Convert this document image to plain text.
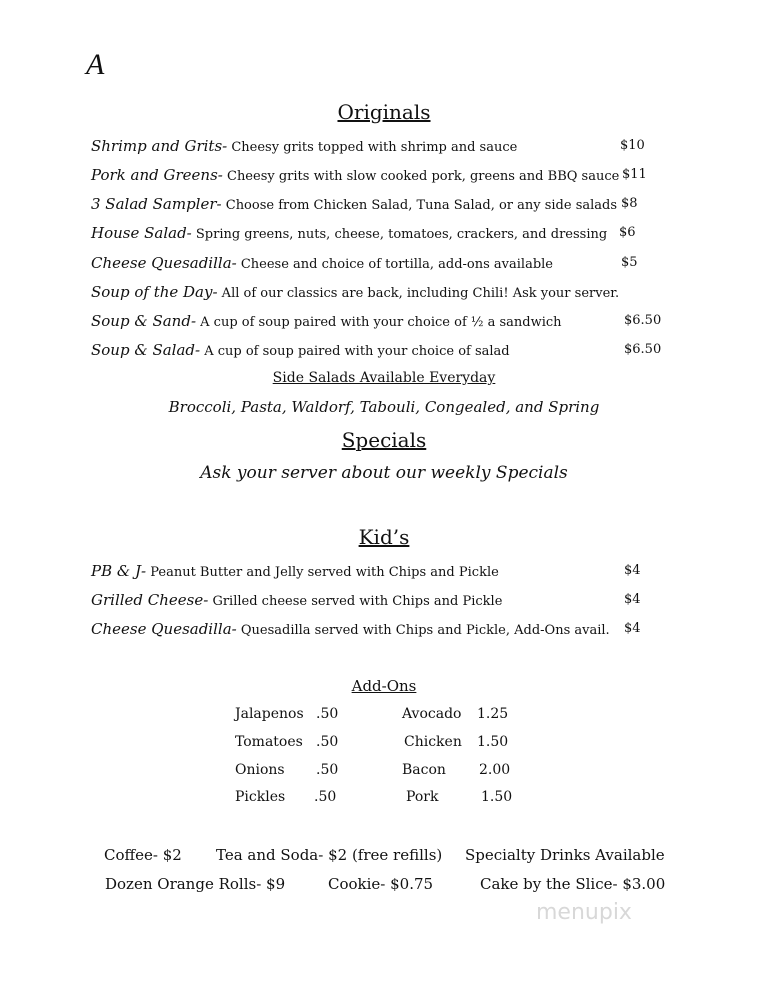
A
Originals
Shrimp and Grits- Cheesy grits topped with shrimp and sauce	$10
Pork and Greens- Cheesy grits with slow cooked pork, greens and BBQ sauce $11
3 Salad Sampler- Choose from Chicken Salad, Tuna Salad, or any side salads $8
House Salad- Spring greens, nuts, cheese, tomatoes, crackers, and dressing $6
Cheese Quesadilla- Cheese and choice of tortilla, add-ons available	$5
Soup of the Day- All of our classics are back, including Chili! Ask your server.
Soup & Sand- A cup of soup paired with your choice of ½ a sandwich	$6.50
Soup & Salad- A cup of soup paired with your choice of salad	$6.50
Side Salads Available Everyday
Broccoli, Pasta, Waldorf, Tabouli, Congealed, and Spring
Specials
Ask your server about our weekly Specials
Kid’s
PB & J- Peanut Butter and Jelly served with Chips and Pickle	$4
Grilled Cheese- Grilled cheese served with Chips and Pickle	$4
Cheese Quesadilla- Quesadilla served with Chips and Pickle, Add-Ons avail. $4
Add-Ons
Jalapenos .50
Tomatoes .50
Onions .50
Pickles .50
Avocado 1.25
Chicken 1.50
Bacon 2.00
Pork	1.50
Coffee- $2 Tea and Soda- $2 (free refills) Specialty Drinks Available
Dozen Orange Rolls- $9	Cookie- $0.75	Cake by the Slice- $3.00
menupix
